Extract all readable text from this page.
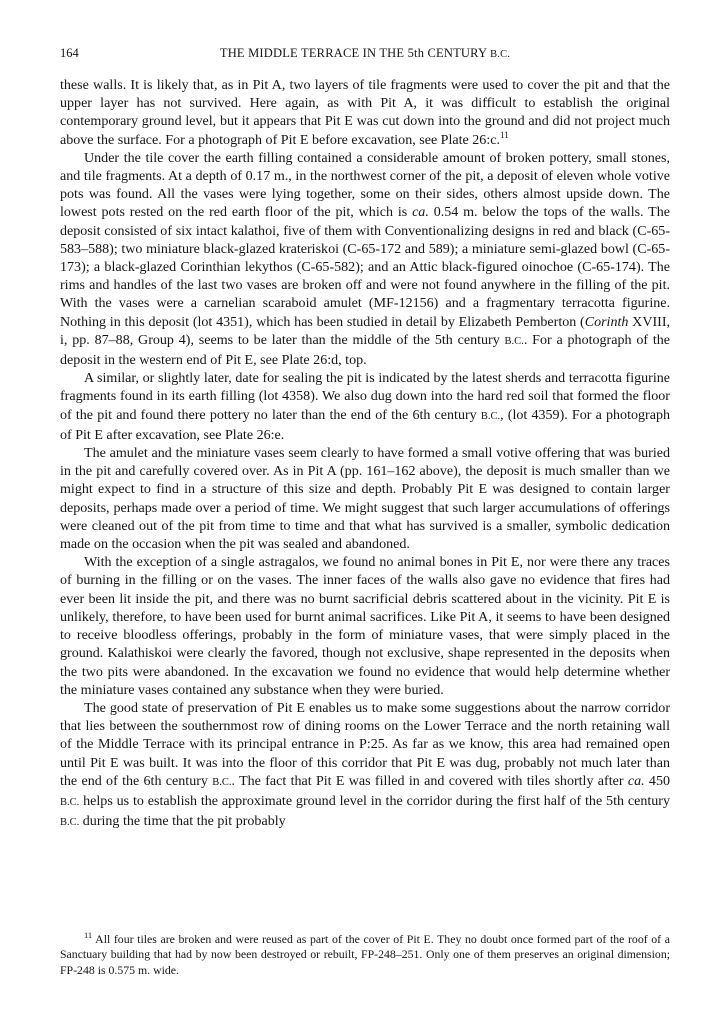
164	THE MIDDLE TERRACE IN THE 5th CENTURY B.C.

these walls. It is likely that, as in Pit A, two layers of tile fragments were used to cover the pit and that the upper layer has not survived. Here again, as with Pit A, it was difficult to establish the original contemporary ground level, but it appears that Pit E was cut down into the ground and did not project much above the surface. For a photograph of Pit E before excavation, see Plate 26:c.$^{11}$

Under the tile cover the earth filling contained a considerable amount of broken pottery, small stones, and tile fragments. At a depth of 0.17 m., in the northwest corner of the pit, a deposit of eleven whole votive pots was found. All the vases were lying together, some on their sides, others almost upside down. The lowest pots rested on the red earth floor of the pit, which is ca. 0.54 m. below the tops of the walls. The deposit consisted of six intact kalathoi, five of them with Conventionalizing designs in red and black (C-65-583–588); two miniature black-glazed krateriskoi (C-65-172 and 589); a miniature semi-glazed bowl (C-65-173); a black-glazed Corinthian lekythos (C-65-582); and an Attic black-figured oinochoe (C-65-174). The rims and handles of the last two vases are broken off and were not found anywhere in the filling of the pit. With the vases were a carnelian scaraboid amulet (MF-12156) and a fragmentary terracotta figurine. Nothing in this deposit (lot 4351), which has been studied in detail by Elizabeth Pemberton (Corinth XVIII, i, pp. 87–88, Group 4), seems to be later than the middle of the 5th century B.C.. For a photograph of the deposit in the western end of Pit E, see Plate 26:d, top.

A similar, or slightly later, date for sealing the pit is indicated by the latest sherds and terracotta figurine fragments found in its earth filling (lot 4358). We also dug down into the hard red soil that formed the floor of the pit and found there pottery no later than the end of the 6th century B.C., (lot 4359). For a photograph of Pit E after excavation, see Plate 26:e.

The amulet and the miniature vases seem clearly to have formed a small votive offering that was buried in the pit and carefully covered over. As in Pit A (pp. 161–162 above), the deposit is much smaller than we might expect to find in a structure of this size and depth. Probably Pit E was designed to contain larger deposits, perhaps made over a period of time. We might suggest that such larger accumulations of offerings were cleaned out of the pit from time to time and that what has survived is a smaller, symbolic dedication made on the occasion when the pit was sealed and abandoned.

With the exception of a single astragalos, we found no animal bones in Pit E, nor were there any traces of burning in the filling or on the vases. The inner faces of the walls also gave no evidence that fires had ever been lit inside the pit, and there was no burnt sacrificial debris scattered about in the vicinity. Pit E is unlikely, therefore, to have been used for burnt animal sacrifices. Like Pit A, it seems to have been designed to receive bloodless offerings, probably in the form of miniature vases, that were simply placed in the ground. Kalathiskoi were clearly the favored, though not exclusive, shape represented in the deposits when the two pits were abandoned. In the excavation we found no evidence that would help determine whether the miniature vases contained any substance when they were buried.

The good state of preservation of Pit E enables us to make some suggestions about the narrow corridor that lies between the southernmost row of dining rooms on the Lower Terrace and the north retaining wall of the Middle Terrace with its principal entrance in P:25. As far as we know, this area had remained open until Pit E was built. It was into the floor of this corridor that Pit E was dug, probably not much later than the end of the 6th century B.C.. The fact that Pit E was filled in and covered with tiles shortly after ca. 450 B.C. helps us to establish the approximate ground level in the corridor during the first half of the 5th century B.C. during the time that the pit probably

$^{11}$ All four tiles are broken and were reused as part of the cover of Pit E. They no doubt once formed part of the roof of a Sanctuary building that had by now been destroyed or rebuilt, FP-248–251. Only one of them preserves an original dimension; FP-248 is 0.575 m. wide.
